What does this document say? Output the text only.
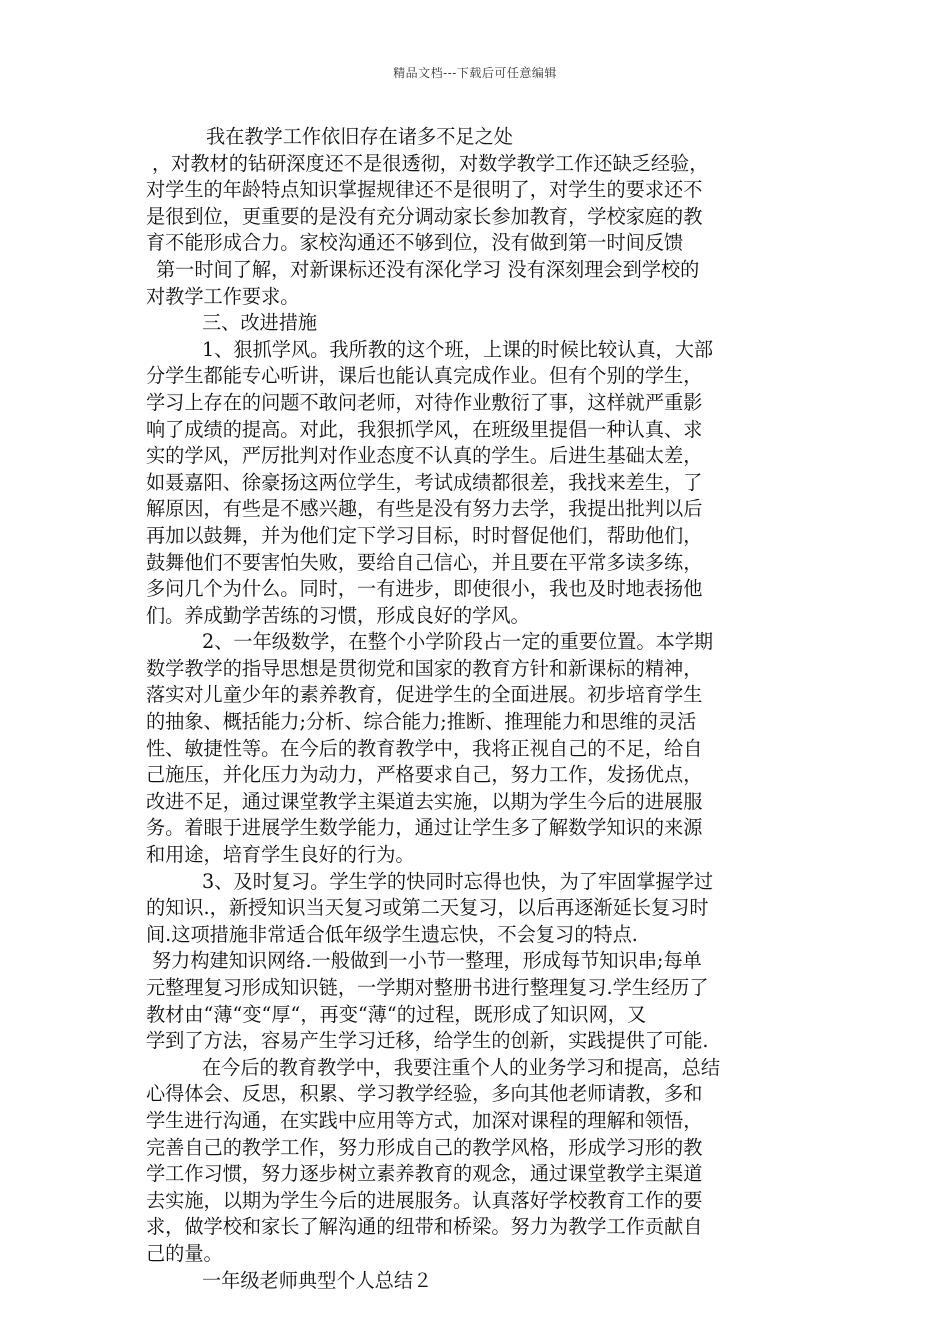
精品文档---下载后可任意编辑
我在教学工作依旧存在诸多不足之处
，对教材的钻研深度还不是很透彻，对数学教学工作还缺乏经验，
对学生的年龄特点知识掌握规律还不是很明了，对学生的要求还不
是很到位，更重要的是没有充分调动家长参加教育，学校家庭的教
育不能形成合力。家校沟通还不够到位，没有做到第一时间反馈
第一时间了解，对新课标还没有深化学习 没有深刻理会到学校的
对教学工作要求。
三、改进措施
1、狠抓学风。我所教的这个班，上课的时候比较认真，大部
分学生都能专心听讲，课后也能认真完成作业。但有个别的学生，
学习上存在的问题不敢问老师，对待作业敷衍了事，这样就严重影
响了成绩的提高。对此，我狠抓学风，在班级里提倡一种认真、求
实的学风，严厉批判对作业态度不认真的学生。后进生基础太差，
如聂嘉阳、徐豪扬这两位学生，考试成绩都很差，我找来差生，了
解原因，有些是不感兴趣，有些是没有努力去学，我提出批判以后
再加以鼓舞，并为他们定下学习目标，时时督促他们，帮助他们，
鼓舞他们不要害怕失败，要给自己信心，并且要在平常多读多练，
多问几个为什么。同时，一有进步，即使很小，我也及时地表扬他
们。养成勤学苦练的习惯，形成良好的学风。
2、一年级数学，在整个小学阶段占一定的重要位置。本学期
数学教学的指导思想是贯彻党和国家的教育方针和新课标的精神，
落实对儿童少年的素养教育，促进学生的全面进展。初步培育学生
的抽象、概括能力;分析、综合能力;推断、推理能力和思维的灵活
性、敏捷性等。在今后的教育教学中，我将正视自己的不足，给自
己施压，并化压力为动力，严格要求自己，努力工作，发扬优点，
改进不足，通过课堂教学主渠道去实施，以期为学生今后的进展服
务。着眼于进展学生数学能力，通过让学生多了解数学知识的来源
和用途，培育学生良好的行为。
3、及时复习。学生学的快同时忘得也快，为了牢固掌握学过
的知识.，新授知识当天复习或第二天复习，以后再逐渐延长复习时
间.这项措施非常适合低年级学生遗忘快，不会复习的特点.
努力构建知识网络.一般做到一小节一整理，形成每节知识串;每单
元整理复习形成知识链，一学期对整册书进行整理复习.学生经历了
教材由“薄“变“厚“，再变“薄“的过程，既形成了知识网，又
学到了方法，容易产生学习迁移，给学生的创新，实践提供了可能.
在今后的教育教学中，我要注重个人的业务学习和提高，总结
心得体会、反思，积累、学习教学经验，多向其他老师请教，多和
学生进行沟通，在实践中应用等方式，加深对课程的理解和领悟，
完善自己的教学工作，努力形成自己的教学风格，形成学习形的教
学工作习惯，努力逐步树立素养教育的观念，通过课堂教学主渠道
去实施，以期为学生今后的进展服务。认真落好学校教育工作的要
求，做学校和家长了解沟通的纽带和桥梁。努力为教学工作贡献自
己的量。
一年级老师典型个人总结２
